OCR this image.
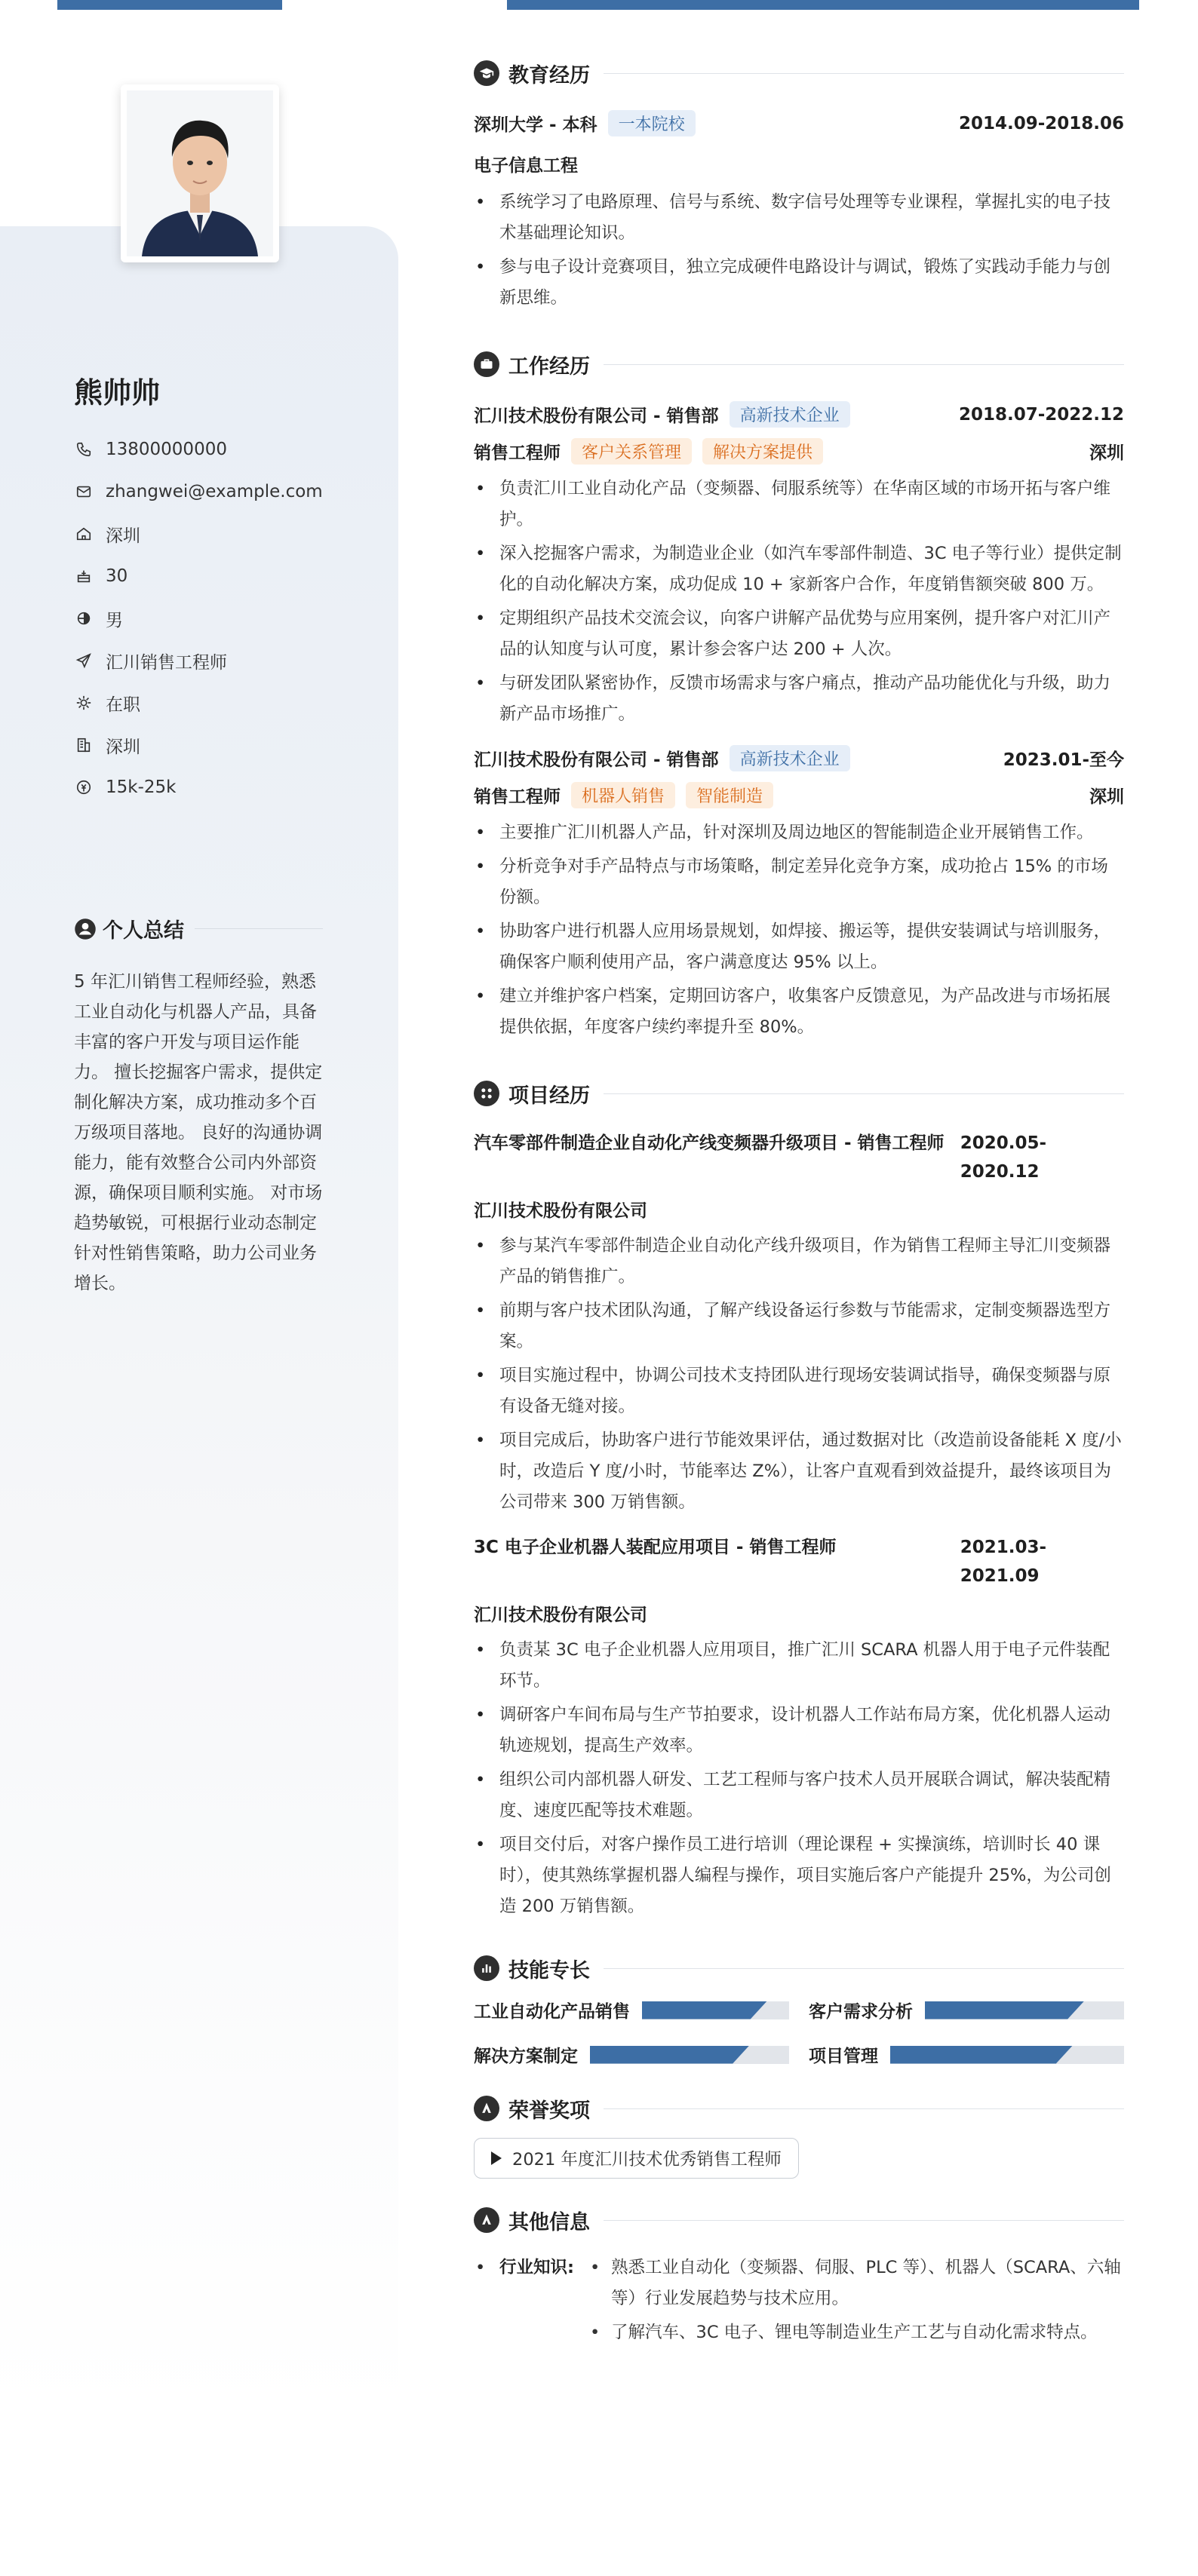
熊帅帅
13800000000
zhangwei@example.com
深圳
30
男
汇川销售工程师
在职
深圳
15k-25k
个人总结
5 年汇川销售工程师经验，熟悉工业自动化与机器人产品，具备丰富的客户开发与项目运作能力。 擅长挖掘客户需求，提供定制化解决方案，成功推动多个百万级项目落地。 良好的沟通协调能力，能有效整合公司内外部资源，确保项目顺利实施。 对市场趋势敏锐，可根据行业动态制定针对性销售策略，助力公司业务增长。
教育经历
深圳大学 - 本科	一本院校	2014.09-2018.06
电子信息工程
• 系统学习了电路原理、信号与系统、数字信号处理等专业课程，掌握扎实的电子技术基础理论知识。
• 参与电子设计竞赛项目，独立完成硬件电路设计与调试，锻炼了实践动手能力与创新思维。
工作经历
汇川技术股份有限公司 - 销售部	高新技术企业	2018.07-2022.12
销售工程师	客户关系管理	解决方案提供	深圳
• 负责汇川工业自动化产品（变频器、伺服系统等）在华南区域的市场开拓与客户维护。
• 深入挖掘客户需求，为制造业企业（如汽车零部件制造、3C 电子等行业）提供定制化的自动化解决方案，成功促成 10 + 家新客户合作，年度销售额突破 800 万。
• 定期组织产品技术交流会议，向客户讲解产品优势与应用案例，提升客户对汇川产品的认知度与认可度，累计参会客户达 200 + 人次。
• 与研发团队紧密协作，反馈市场需求与客户痛点，推动产品功能优化与升级，助力新产品市场推广。
汇川技术股份有限公司 - 销售部	高新技术企业	2023.01-至今
销售工程师	机器人销售	智能制造	深圳
• 主要推广汇川机器人产品，针对深圳及周边地区的智能制造企业开展销售工作。
• 分析竞争对手产品特点与市场策略，制定差异化竞争方案，成功抢占 15% 的市场份额。
• 协助客户进行机器人应用场景规划，如焊接、搬运等，提供安装调试与培训服务，确保客户顺利使用产品，客户满意度达 95% 以上。
• 建立并维护客户档案，定期回访客户，收集客户反馈意见，为产品改进与市场拓展提供依据，年度客户续约率提升至 80%。
项目经历
汽车零部件制造企业自动化产线变频器升级项目 - 销售工程师 2020.05-2020.12
汇川技术股份有限公司
• 参与某汽车零部件制造企业自动化产线升级项目，作为销售工程师主导汇川变频器产品的销售推广。
• 前期与客户技术团队沟通，了解产线设备运行参数与节能需求，定制变频器选型方案。
• 项目实施过程中，协调公司技术支持团队进行现场安装调试指导，确保变频器与原有设备无缝对接。
• 项目完成后，协助客户进行节能效果评估，通过数据对比（改造前设备能耗 X 度/小时，改造后 Y 度/小时，节能率达 Z%），让客户直观看到效益提升，最终该项目为公司带来 300 万销售额。
3C 电子企业机器人装配应用项目 - 销售工程师	2021.03-2021.09
汇川技术股份有限公司
• 负责某 3C 电子企业机器人应用项目，推广汇川 SCARA 机器人用于电子元件装配环节。
• 调研客户车间布局与生产节拍要求，设计机器人工作站布局方案，优化机器人运动轨迹规划，提高生产效率。
• 组织公司内部机器人研发、工艺工程师与客户技术人员开展联合调试，解决装配精度、速度匹配等技术难题。
• 项目交付后，对客户操作员工进行培训（理论课程 + 实操演练，培训时长 40 课时），使其熟练掌握机器人编程与操作，项目实施后客户产能提升 25%，为公司创造 200 万销售额。
技能专长
工业自动化产品销售	客户需求分析
解决方案制定	项目管理
荣誉奖项
2021 年度汇川技术优秀销售工程师
其他信息
• 行业知识:
•	熟悉工业自动化（变频器、伺服、PLC 等）、机器人（SCARA、六轴等）行业发展趋势与技术应用。
• 了解汽车、3C 电子、锂电等制造业生产工艺与自动化需求特点。
